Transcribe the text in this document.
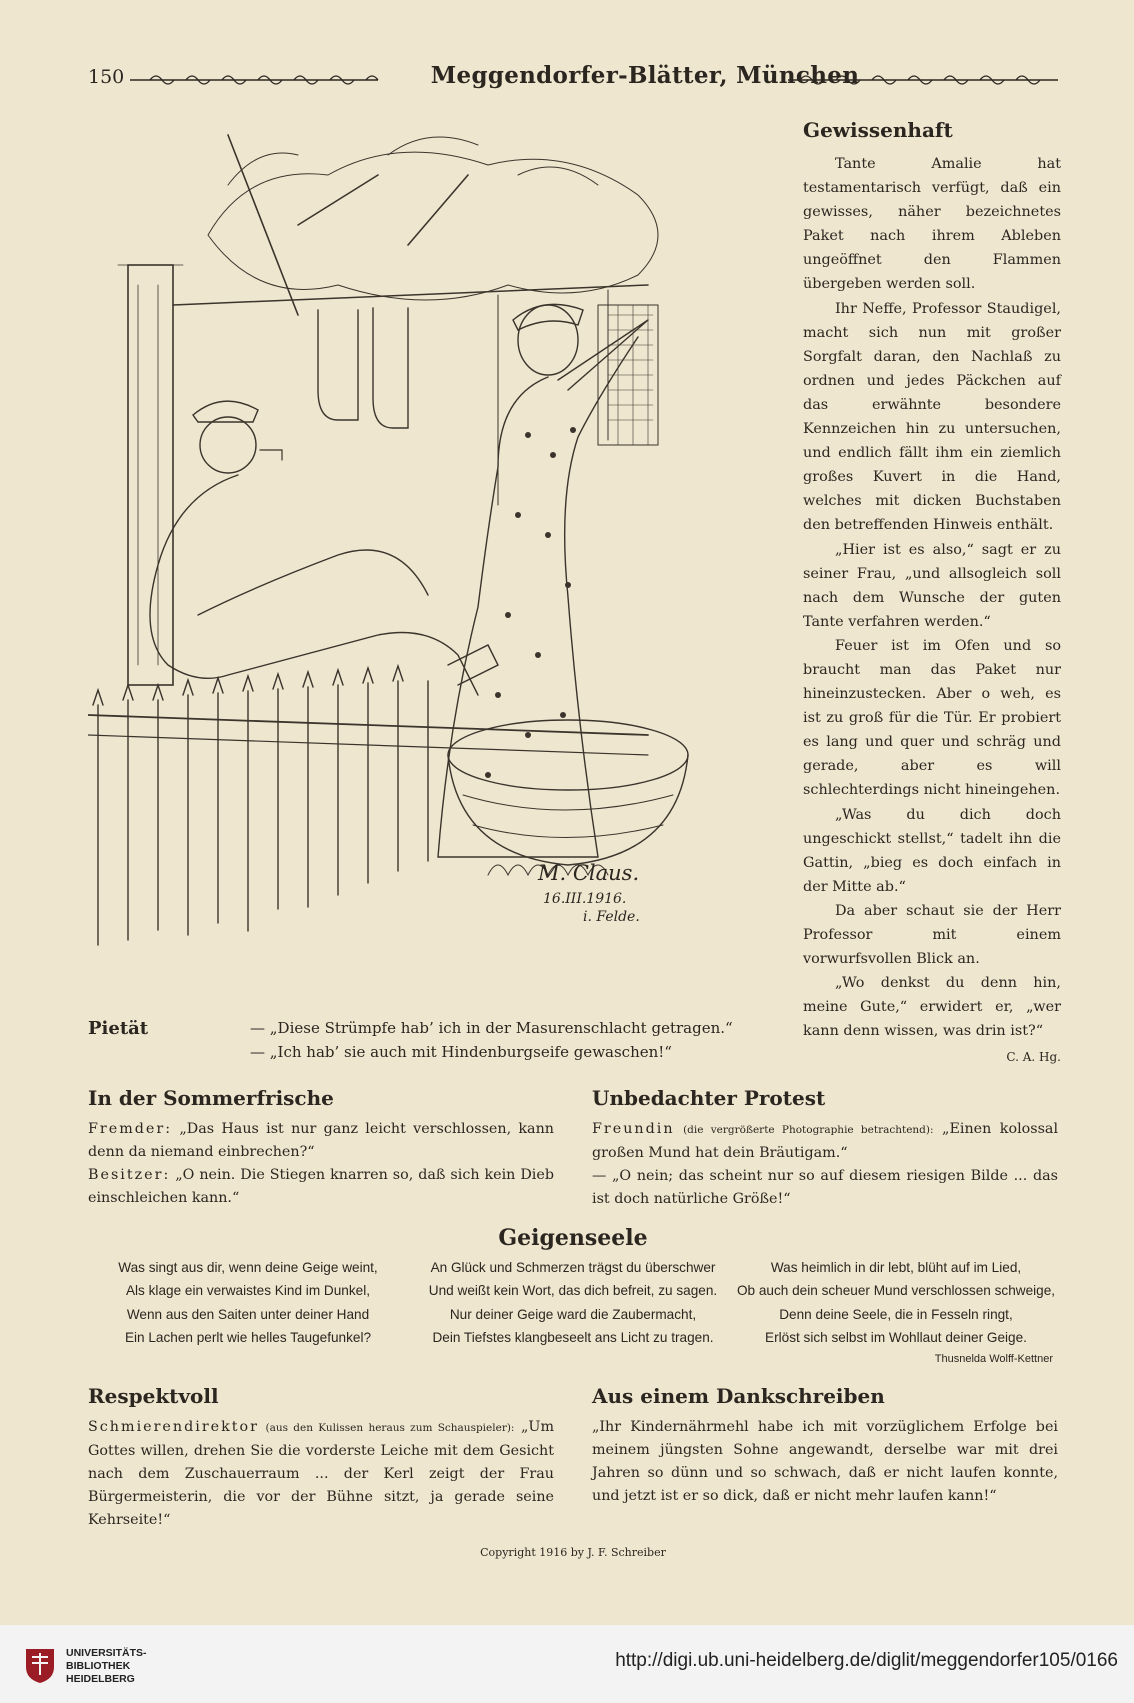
150	Meggendorfer-Blätter, München
M. Claus.
16.III.1916.
i. Felde.
Gewissenhaft

Tante Amalie hat testamentarisch verfügt, daß ein gewisses, näher bezeichnetes Paket nach ihrem Ableben ungeöffnet den Flammen übergeben werden soll.

Ihr Neffe, Professor Staudigel, macht sich nun mit großer Sorgfalt daran, den Nachlaß zu ordnen und jedes Päckchen auf das erwähnte besondere Kennzeichen hin zu untersuchen, und endlich fällt ihm ein ziemlich großes Kuvert in die Hand, welches mit dicken Buchstaben den betreffenden Hinweis enthält.

„Hier ist es also,“ sagt er zu seiner Frau, „und allsogleich soll nach dem Wunsche der guten Tante verfahren werden.“

Feuer ist im Ofen und so braucht man das Paket nur hineinzustecken. Aber o weh, es ist zu groß für die Tür. Er probiert es lang und quer und schräg und gerade, aber es will schlechterdings nicht hineingehen.

„Was du dich doch ungeschickt stellst,“ tadelt ihn die Gattin, „bieg es doch einfach in der Mitte ab.“

Da aber schaut sie der Herr Professor mit einem vorwurfsvollen Blick an.

„Wo denkst du denn hin, meine Gute,“ erwidert er, „wer kann denn wissen, was drin ist?“

C. A. Hg.

Pietät	— „Diese Strümpfe hab’ ich in der Masurenschlacht getragen.“
— „Ich hab’ sie auch mit Hindenburgseife gewaschen!“
In der Sommerfrische

Fremder: „Das Haus ist nur ganz leicht verschlossen, kann denn da niemand einbrechen?“

Besitzer: „O nein. Die Stiegen knarren so, daß sich kein Dieb einschleichen kann.“

Unbedachter Protest

Freundin (die vergrößerte Photographie betrachtend): „Einen kolossal großen Mund hat dein Bräutigam.“

— „O nein; das scheint nur so auf diesem riesigen Bilde ... das ist doch natürliche Größe!“

Geigenseele
Was singt aus dir, wenn deine Geige weint,
Als klage ein verwaistes Kind im Dunkel,
Wenn aus den Saiten unter deiner Hand
Ein Lachen perlt wie helles Taugefunkel?
An Glück und Schmerzen trägst du überschwer
Und weißt kein Wort, das dich befreit, zu sagen.
Nur deiner Geige ward die Zaubermacht,
Dein Tiefstes klangbeseelt ans Licht zu tragen.
Was heimlich in dir lebt, blüht auf im Lied,
Ob auch dein scheuer Mund verschlossen schweige,
Denn deine Seele, die in Fesseln ringt,
Erlöst sich selbst im Wohllaut deiner Geige.
Thusnelda Wolff-Kettner
Respektvoll

Schmierendirektor (aus den Kulissen heraus zum Schauspieler): „Um Gottes willen, drehen Sie die vorderste Leiche mit dem Gesicht nach dem Zuschauerraum ... der Kerl zeigt der Frau Bürgermeisterin, die vor der Bühne sitzt, ja gerade seine Kehrseite!“

Aus einem Dankschreiben

„Ihr Kindernährmehl habe ich mit vorzüglichem Erfolge bei meinem jüngsten Sohne angewandt, derselbe war mit drei Jahren so dünn und so schwach, daß er nicht laufen konnte, und jetzt ist er so dick, daß er nicht mehr laufen kann!“

Copyright 1916 by J. F. Schreiber
UNIVERSITÄTS-
BIBLIOTHEK
HEIDELBERG
http://digi.ub.uni-heidelberg.de/diglit/meggendorfer105/0166
